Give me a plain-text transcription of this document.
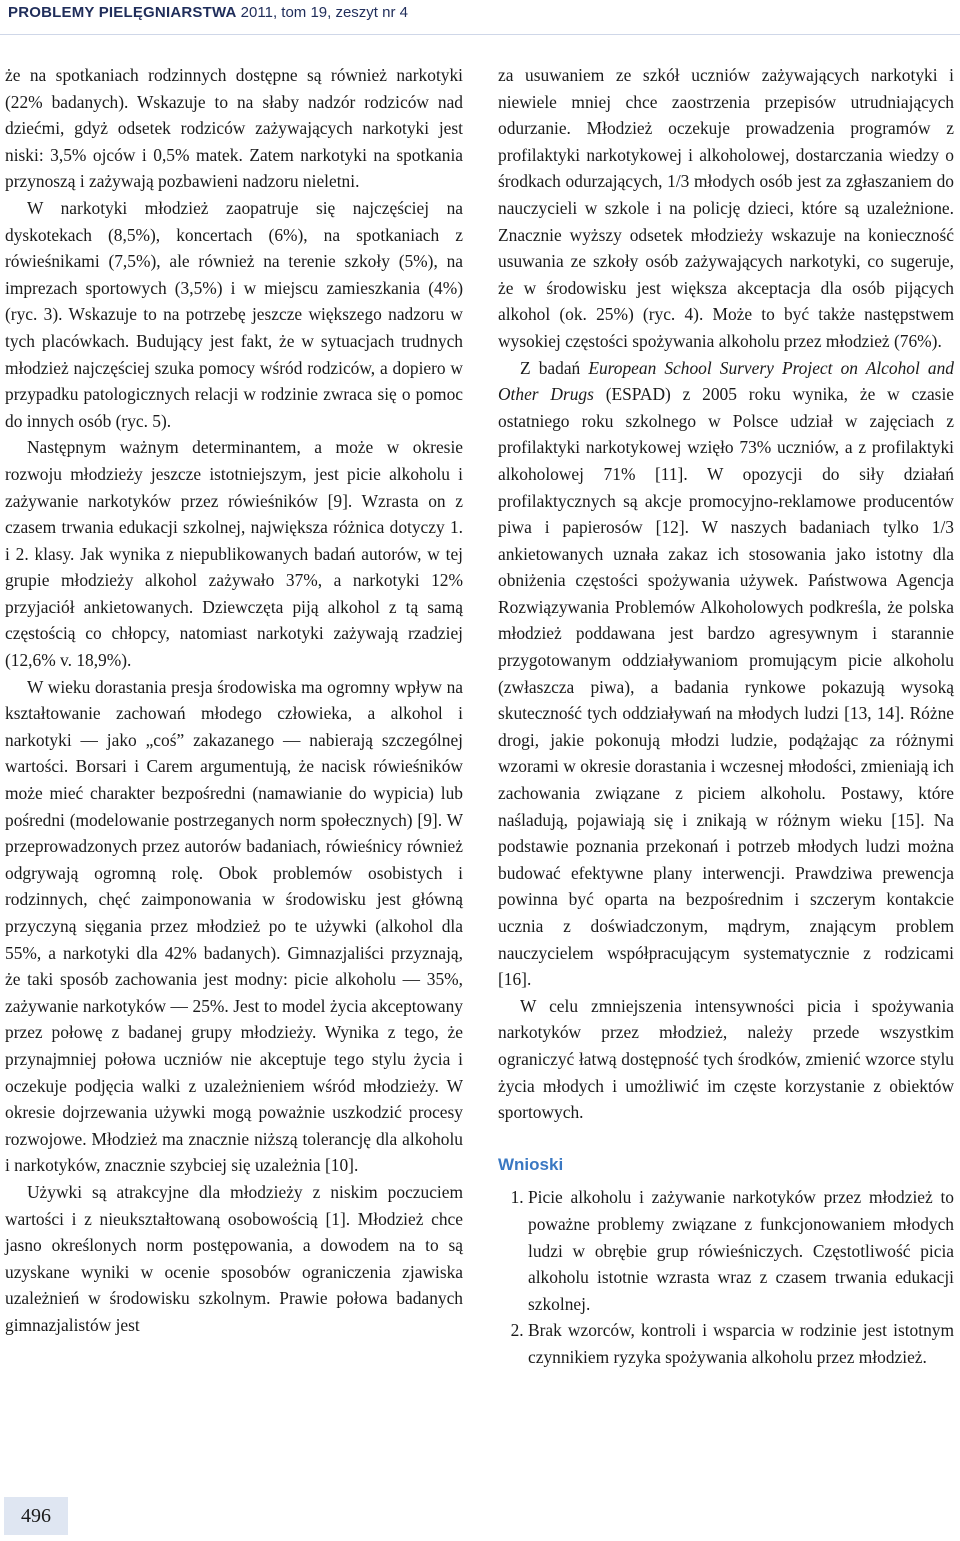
PROBLEMY PIELĘGNIARSTWA 2011, tom 19, zeszyt nr 4

że na spotkaniach rodzinnych dostępne są również narkotyki (22% badanych). Wskazuje to na słaby nadzór rodziców nad dziećmi, gdyż odsetek rodziców zażywających narkotyki jest niski: 3,5% ojców i 0,5% matek. Zatem narkotyki na spotkania przynoszą i zażywają pozbawieni nadzoru nieletni.

W narkotyki młodzież zaopatruje się najczęściej na dyskotekach (8,5%), koncertach (6%), na spotkaniach z rówieśnikami (7,5%), ale również na terenie szkoły (5%), na imprezach sportowych (3,5%) i w miejscu zamieszkania (4%) (ryc. 3). Wskazuje to na potrzebę jeszcze większego nadzoru w tych placówkach. Budujący jest fakt, że w sytuacjach trudnych młodzież najczęściej szuka pomocy wśród rodziców, a dopiero w przypadku patologicznych relacji w rodzinie zwraca się o pomoc do innych osób (ryc. 5).

Następnym ważnym determinantem, a może w okresie rozwoju młodzieży jeszcze istotniejszym, jest picie alkoholu i zażywanie narkotyków przez rówieśników [9]. Wzrasta on z czasem trwania edukacji szkolnej, największa różnica dotyczy 1. i 2. klasy. Jak wynika z niepublikowanych badań autorów, w tej grupie młodzieży alkohol zażywało 37%, a narkotyki 12% przyjaciół ankietowanych. Dziewczęta piją alkohol z tą samą częstością co chłopcy, natomiast narkotyki zażywają rzadziej (12,6% v. 18,9%).

W wieku dorastania presja środowiska ma ogromny wpływ na kształtowanie zachowań młodego człowieka, a alkohol i narkotyki — jako „coś” zakazanego — nabierają szczególnej wartości. Borsari i Carem argumentują, że nacisk rówieśników może mieć charakter bezpośredni (namawianie do wypicia) lub pośredni (modelowanie postrzeganych norm społecznych) [9]. W przeprowadzonych przez autorów badaniach, rówieśnicy również odgrywają ogromną rolę. Obok problemów osobistych i rodzinnych, chęć zaimponowania w środowisku jest główną przyczyną sięgania przez młodzież po te używki (alkohol dla 55%, a narkotyki dla 42% badanych). Gimnazjaliści przyznają, że taki sposób zachowania jest modny: picie alkoholu — 35%, zażywanie narkotyków — 25%. Jest to model życia akceptowany przez połowę z badanej grupy młodzieży. Wynika z tego, że przynajmniej połowa uczniów nie akceptuje tego stylu życia i oczekuje podjęcia walki z uzależnieniem wśród młodzieży. W okresie dojrzewania używki mogą poważnie uszkodzić procesy rozwojowe. Młodzież ma znacznie niższą tolerancję dla alkoholu i narkotyków, znacznie szybciej się uzależnia [10].

Używki są atrakcyjne dla młodzieży z niskim poczuciem wartości i z nieukształtowaną osobowością [1]. Młodzież chce jasno określonych norm postępowania, a dowodem na to są uzyskane wyniki w ocenie sposobów ograniczenia zjawiska uzależnień w środowisku szkolnym. Prawie połowa badanych gimnazjalistów jest

za usuwaniem ze szkół uczniów zażywających narkotyki i niewiele mniej chce zaostrzenia przepisów utrudniających odurzanie. Młodzież oczekuje prowadzenia programów z profilaktyki narkotykowej i alkoholowej, dostarczania wiedzy o środkach odurzających, 1/3 młodych osób jest za zgłaszaniem do nauczycieli w szkole i na policję dzieci, które są uzależnione. Znacznie wyższy odsetek młodzieży wskazuje na konieczność usuwania ze szkoły osób zażywających narkotyki, co sugeruje, że w środowisku jest większa akceptacja dla osób pijących alkohol (ok. 25%) (ryc. 4). Może to być także następstwem wysokiej częstości spożywania alkoholu przez młodzież (76%).

Z badań European School Survery Project on Alcohol and Other Drugs (ESPAD) z 2005 roku wynika, że w czasie ostatniego roku szkolnego w Polsce udział w zajęciach z profilaktyki narkotykowej wzięło 73% uczniów, a z profilaktyki alkoholowej 71% [11]. W opozycji do siły działań profilaktycznych są akcje promocyjno-reklamowe producentów piwa i papierosów [12]. W naszych badaniach tylko 1/3 ankietowanych uznała zakaz ich stosowania jako istotny dla obniżenia częstości spożywania używek. Państwowa Agencja Rozwiązywania Problemów Alkoholowych podkreśla, że polska młodzież poddawana jest bardzo agresywnym i starannie przygotowanym oddziaływaniom promującym picie alkoholu (zwłaszcza piwa), a badania rynkowe pokazują wysoką skuteczność tych oddziaływań na młodych ludzi [13, 14]. Różne drogi, jakie pokonują młodzi ludzie, podążając za różnymi wzorami w okresie dorastania i wczesnej młodości, zmieniają ich zachowania związane z piciem alkoholu. Postawy, które naśladują, pojawiają się i znikają w różnym wieku [15]. Na podstawie poznania przekonań i potrzeb młodych ludzi można budować efektywne plany interwencji. Prawdziwa prewencja powinna być oparta na bezpośrednim i szczerym kontakcie ucznia z doświadczonym, mądrym, znającym problem nauczycielem współpracującym systematycznie z rodzicami [16].

W celu zmniejszenia intensywności picia i spożywania narkotyków przez młodzież, należy przede wszystkim ograniczyć łatwą dostępność tych środków, zmienić wzorce stylu życia młodych i umożliwić im częste korzystanie z obiektów sportowych.

Wnioski
1. Picie alkoholu i zażywanie narkotyków przez młodzież to poważne problemy związane z funkcjonowaniem młodych ludzi w obrębie grup rówieśniczych. Częstotliwość picia alkoholu istotnie wzrasta wraz z czasem trwania edukacji szkolnej.
2. Brak wzorców, kontroli i wsparcia w rodzinie jest istotnym czynnikiem ryzyka spożywania alkoholu przez młodzież.
496
